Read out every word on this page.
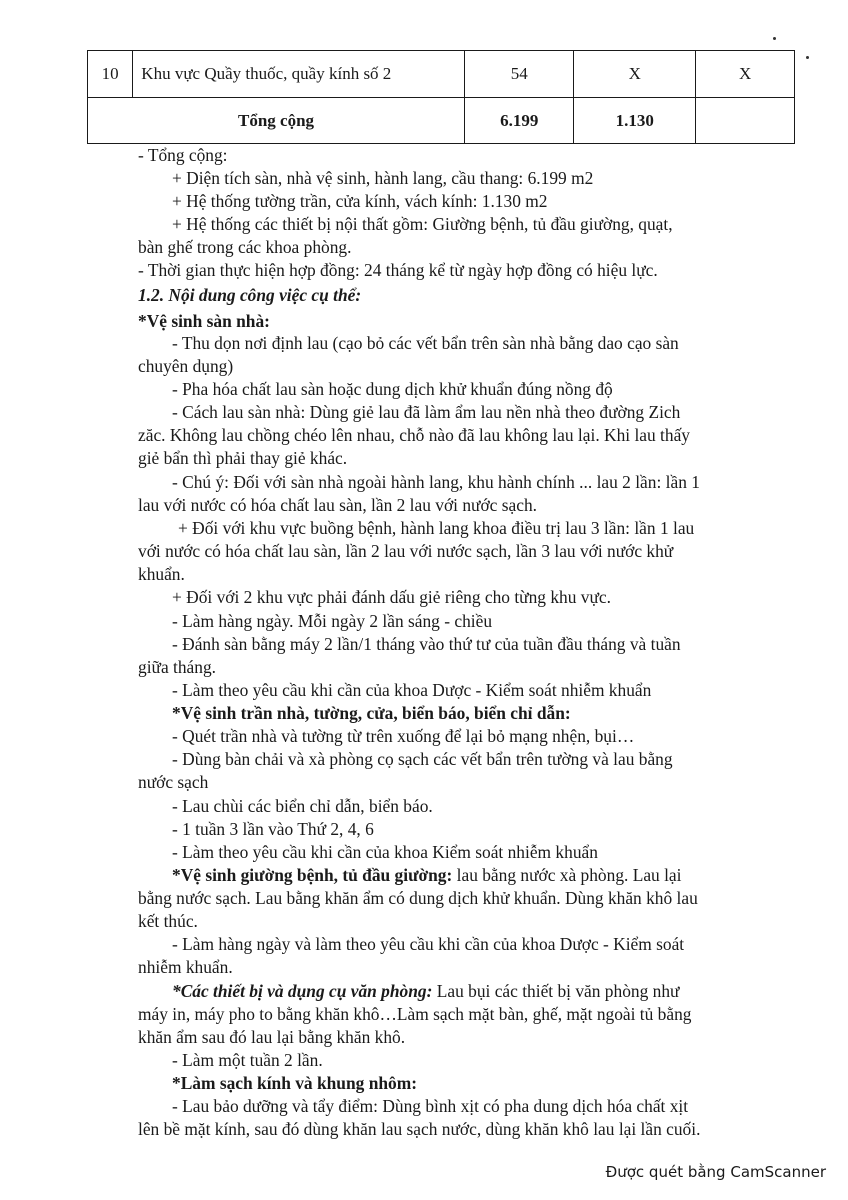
10	Khu vực Quầy thuốc, quầy kính số 2	54	X	X
Tổng cộng		6.199	1.130	
- Tổng cộng:
+ Diện tích sàn, nhà vệ sinh, hành lang, cầu thang: 6.199 m2
+ Hệ thống tường trần, cửa kính, vách kính: 1.130 m2
+ Hệ thống các thiết bị nội thất gồm: Giường bệnh, tủ đầu giường, quạt,
bàn ghế trong các khoa phòng.
- Thời gian thực hiện hợp đồng: 24 tháng kể từ ngày hợp đồng có hiệu lực.
1.2. Nội dung công việc cụ thể:
*Vệ sinh sàn nhà:
- Thu dọn nơi định lau (cạo bỏ các vết bẩn trên sàn nhà bằng dao cạo sàn
chuyên dụng)
- Pha hóa chất lau sàn hoặc dung dịch khử khuẩn đúng nồng độ
- Cách lau sàn nhà: Dùng giẻ lau đã làm ẩm lau nền nhà theo đường Zich
zăc. Không lau chồng chéo lên nhau, chỗ nào đã lau không lau lại. Khi lau thấy
giẻ bẩn thì phải thay giẻ khác.
- Chú ý: Đối với sàn nhà ngoài hành lang, khu hành chính ... lau 2 lần: lần 1
lau với nước có hóa chất lau sàn, lần 2 lau với nước sạch.
+ Đối với khu vực buồng bệnh, hành lang khoa điều trị lau 3 lần: lần 1 lau
với nước có hóa chất lau sàn, lần 2 lau với nước sạch, lần 3 lau với nước khử
khuẩn.
+ Đối với 2 khu vực phải đánh dấu giẻ riêng cho từng khu vực.
- Làm hàng ngày. Mỗi ngày 2 lần sáng - chiều
- Đánh sàn bằng máy 2 lần/1 tháng vào thứ tư của tuần đầu tháng và tuần
giữa tháng.
- Làm theo yêu cầu khi cần của khoa Dược - Kiểm soát nhiễm khuẩn
*Vệ sinh trần nhà, tường, cửa, biển báo, biển chỉ dẫn:
- Quét trần nhà và tường từ trên xuống để lại bỏ mạng nhện, bụi…
- Dùng bàn chải và xà phòng cọ sạch các vết bẩn trên tường và lau bằng
nước sạch
- Lau chùi các biển chỉ dẫn, biển báo.
- 1 tuần 3 lần vào Thứ 2, 4, 6
- Làm theo yêu cầu khi cần của khoa Kiểm soát nhiễm khuẩn
*Vệ sinh giường bệnh, tủ đầu giường: lau bằng nước xà phòng. Lau lại
bằng nước sạch. Lau bằng khăn ẩm có dung dịch khử khuẩn. Dùng khăn khô lau
kết thúc.
- Làm hàng ngày và làm theo yêu cầu khi cần của khoa Dược - Kiểm soát
nhiễm khuẩn.
*Các thiết bị và dụng cụ văn phòng: Lau bụi các thiết bị văn phòng như
máy in, máy pho to bằng khăn khô…Làm sạch mặt bàn, ghế, mặt ngoài tủ bằng
khăn ẩm sau đó lau lại bằng khăn khô.
- Làm một tuần 2 lần.
*Làm sạch kính và khung nhôm:
- Lau bảo dưỡng và tẩy điểm: Dùng bình xịt có pha dung dịch hóa chất xịt
lên bề mặt kính, sau đó dùng khăn lau sạch nước, dùng khăn khô lau lại lần cuối.
Được quét bằng CamScanner
